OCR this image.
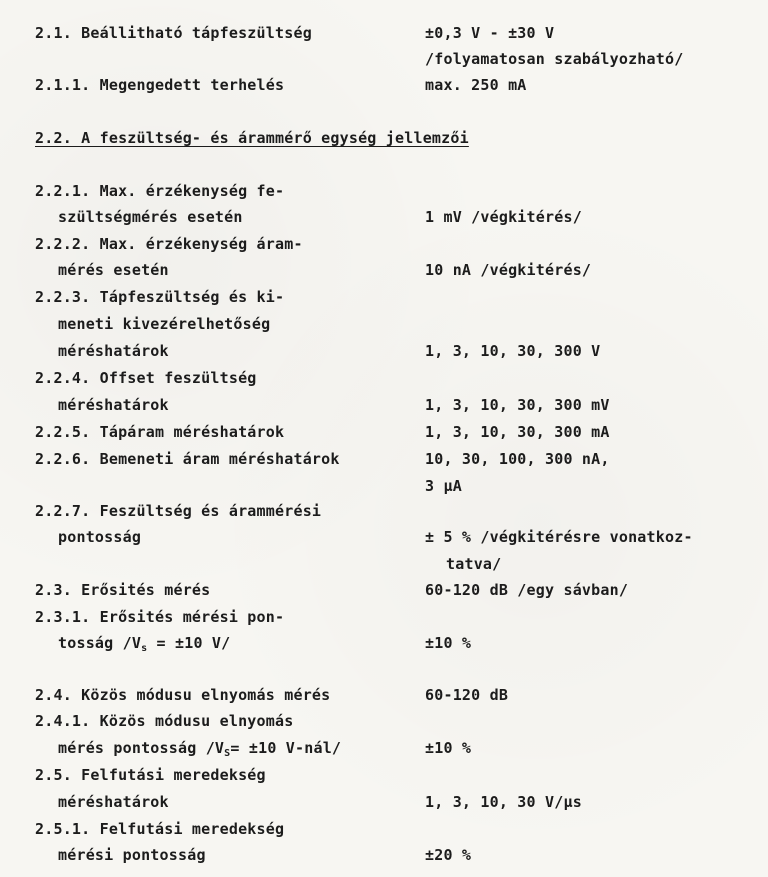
2.1. Beállitható tápfeszültség	±0,3 V - ±30 V
/folyamatosan szabályozható/
2.1.1. Megengedett terhelés	max. 250 mA
2.2. A feszültség- és árammérő egység jellemzői
2.2.1. Max. érzékenység fe-
szültségmérés esetén	1 mV /végkitérés/
2.2.2. Max. érzékenység áram-
mérés esetén	10 nA /végkitérés/
2.2.3. Tápfeszültség és ki-
meneti kivezérelhetőség
méréshatárok	1, 3, 10, 30, 300 V
2.2.4. Offset feszültség
méréshatárok	1, 3, 10, 30, 300 mV
2.2.5. Tápáram méréshatárok	1, 3, 10, 30, 300 mA
2.2.6. Bemeneti áram méréshatárok	10, 30, 100, 300 nA,
3 µA
2.2.7. Feszültség és árammérési
pontosság	± 5 % /végkitérésre vonatkoz-
tatva/
2.3. Erősités mérés	60-120 dB /egy sávban/
2.3.1. Erősités mérési pon-
tosság $/V_s = \pm 10$ V/	±10 %
2.4. Közös módusu elnyomás mérés	60-120 dB
2.4.1. Közös módusu elnyomás
mérés pontosság $/V_S= \pm 10$ V-nál/	±10 %
2.5. Felfutási meredekség
méréshatárok	1, 3, 10, 30 V/µs
2.5.1. Felfutási meredekség
mérési pontosság	±20 %
